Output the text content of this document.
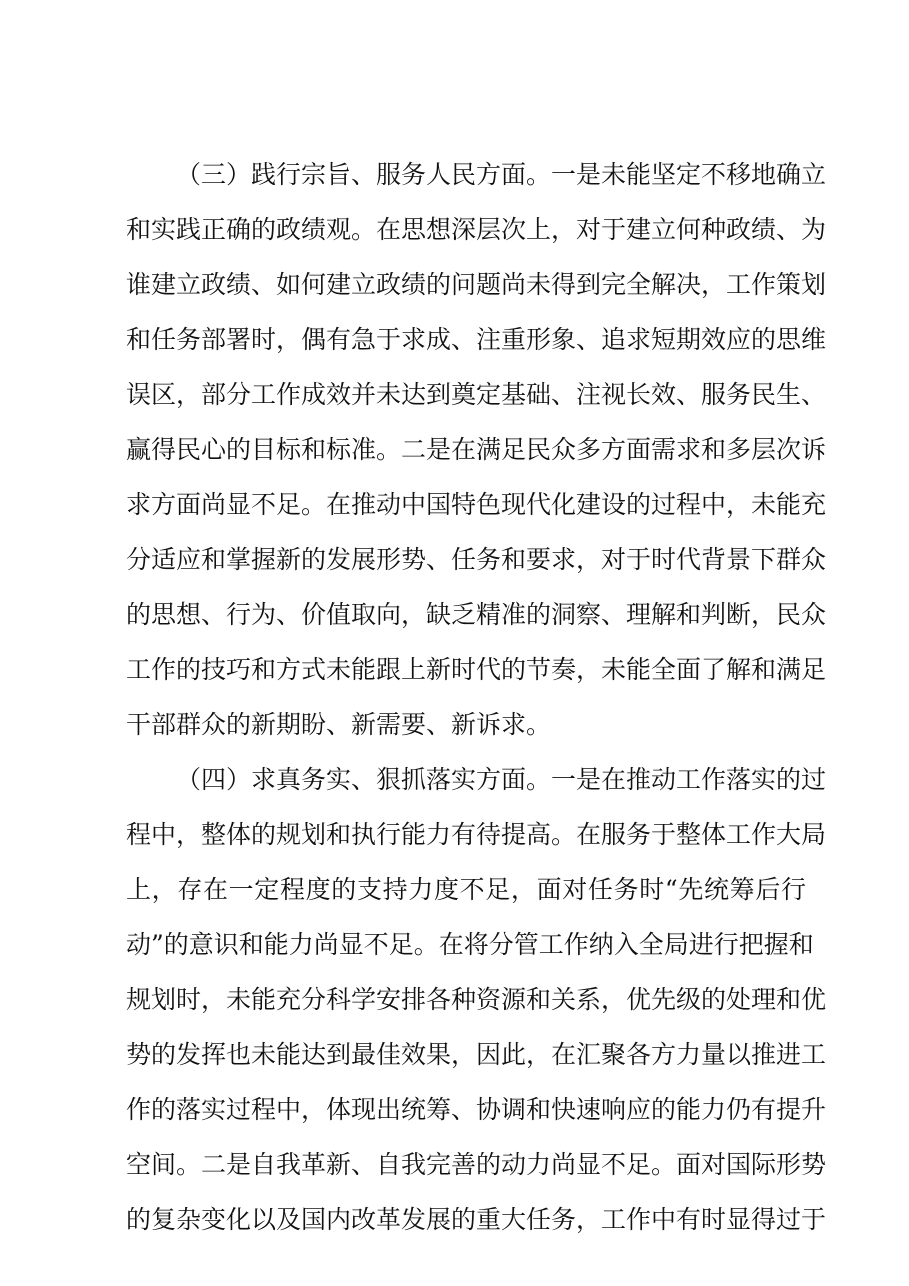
（三）践行宗旨、服务人民方面。一是未能坚定不移地确立
和实践正确的政绩观。在思想深层次上，对于建立何种政绩、为
谁建立政绩、如何建立政绩的问题尚未得到完全解决，工作策划
和任务部署时，偶有急于求成、注重形象、追求短期效应的思维
误区，部分工作成效并未达到奠定基础、注视长效、服务民生、
赢得民心的目标和标准。二是在满足民众多方面需求和多层次诉
求方面尚显不足。在推动中国特色现代化建设的过程中，未能充
分适应和掌握新的发展形势、任务和要求，对于时代背景下群众
的思想、行为、价值取向，缺乏精准的洞察、理解和判断，民众
工作的技巧和方式未能跟上新时代的节奏，未能全面了解和满足
干部群众的新期盼、新需要、新诉求。
（四）求真务实、狠抓落实方面。一是在推动工作落实的过
程中，整体的规划和执行能力有待提高。在服务于整体工作大局
上，存在一定程度的支持力度不足，面对任务时“先统筹后行
动”的意识和能力尚显不足。在将分管工作纳入全局进行把握和
规划时，未能充分科学安排各种资源和关系，优先级的处理和优
势的发挥也未能达到最佳效果，因此，在汇聚各方力量以推进工
作的落实过程中，体现出统筹、协调和快速响应的能力仍有提升
空间。二是自我革新、自我完善的动力尚显不足。面对国际形势
的复杂变化以及国内改革发展的重大任务，工作中有时显得过于
